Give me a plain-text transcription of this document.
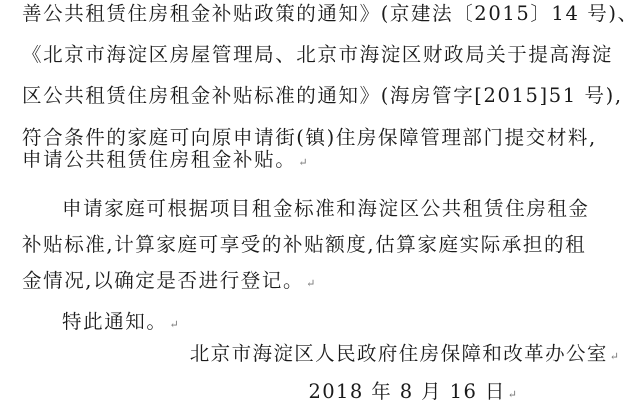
善公共租赁住房租金补贴政策的通知》(京建法〔2015〕14 号)、
《北京市海淀区房屋管理局、北京市海淀区财政局关于提高海淀
区公共租赁住房租金补贴标准的通知》(海房管字[2015]51 号),
符合条件的家庭可向原申请街(镇)住房保障管理部门提交材料,
申请公共租赁住房租金补贴。 ↵
申请家庭可根据项目租金标准和海淀区公共租赁住房租金
补贴标准,计算家庭可享受的补贴额度,估算家庭实际承担的租
金情况,以确定是否进行登记。 ↵
特此通知。 ↵
北京市海淀区人民政府住房保障和改革办公室 ↵
2018 年 8 月 16 日 ↵
